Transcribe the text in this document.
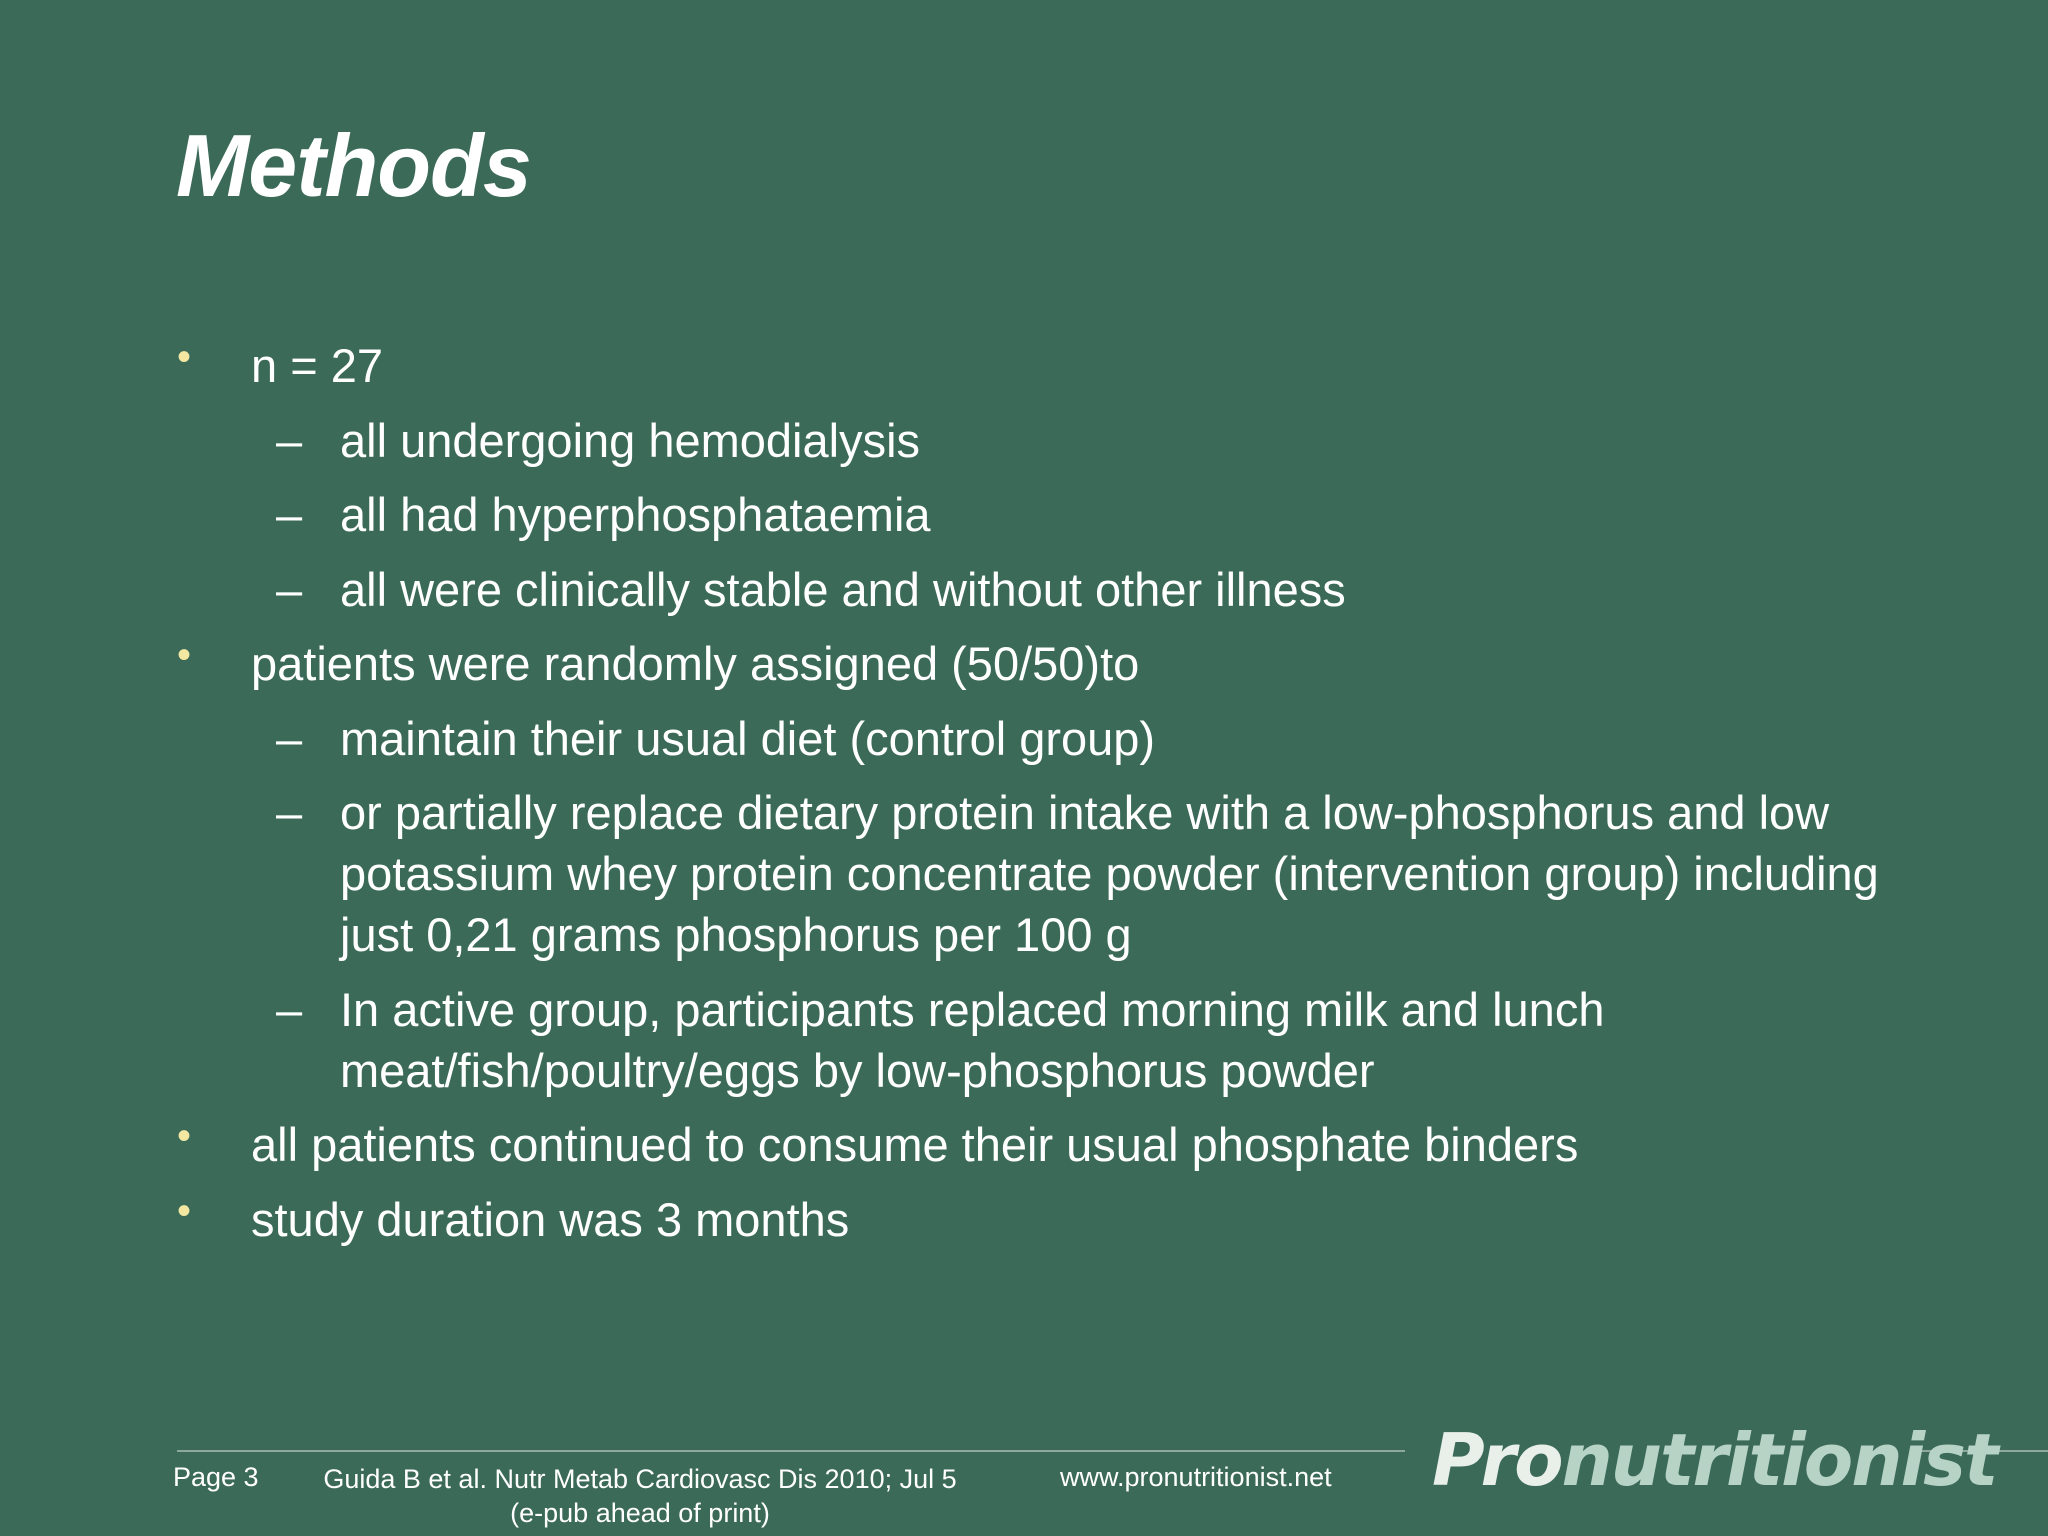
Methods
• n = 27
– all undergoing hemodialysis
– all had hyperphosphataemia
– all were clinically stable and without other illness
• patients were randomly assigned (50/50)to
– maintain their usual diet (control group)
– or partially replace dietary protein intake with a low-phosphorus and low potassium whey protein concentrate powder (intervention group) including just 0,21 grams phosphorus per 100 g
– In active group, participants replaced morning milk and lunch meat/fish/poultry/eggs by low-phosphorus powder
• all patients continued to consume their usual phosphate binders
• study duration was 3 months
Page 3	Guida B et al. Nutr Metab Cardiovasc Dis 2010; Jul 5
(e-pub ahead of print)
www.pronutritionist.net Pronutritionist
